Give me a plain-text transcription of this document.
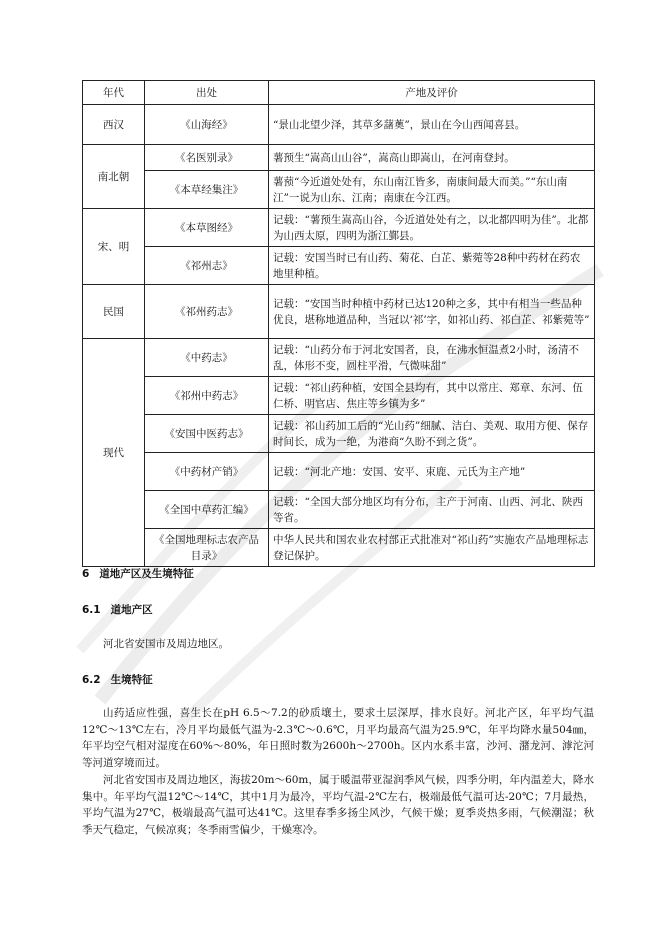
年代	出处	产地及评价
西汉	《山海经》	“景山北望少泽，其草多藷薁”，景山在今山西闻喜县。
南北朝	《名医别录》	薯预生“嵩高山山谷”，嵩高山即嵩山，在河南登封。
	《本草经集注》	薯蓣“今近道处处有，东山南江皆多，南康间最大而美。”“东山南江”一说为山东、江南；南康在今江西。
宋、明	《本草图经》	记载：“薯预生嵩高山谷，今近道处处有之，以北都四明为佳”。北都为山西太原，四明为浙江鄞县。
	《祁州志》	记载：安国当时已有山药、菊花、白芷、紫菀等28种中药材在药农地里种植。
民国	《祁州药志》	记载：“安国当时种植中药材已达120种之多，其中有相当一些品种优良，堪称地道品种，当冠以‘祁’字，如祁山药、祁白芷、祁紫菀等”
现代	《中药志》	记载：“山药分布于河北安国者，良，在沸水恒温煮2小时，汤清不乱，体形不变，圆柱平滑，气微味甜”
	《祁州中药志》	记载：“祁山药种植，安国全县均有，其中以常庄、郑章、东河、伍仁桥、明官店、焦庄等乡镇为多”
	《安国中医药志》	记载：祁山药加工后的“光山药”细腻、洁白、美观、取用方便、保存时间长，成为一绝，为港商“久盼不到之货”。
	《中药材产销》	记载：“河北产地：安国、安平、束鹿、元氏为主产地”
	《全国中草药汇编》	记载：“全国大部分地区均有分布，主产于河南、山西、河北、陕西等省。
	《全国地理标志农产品目录》	中华人民共和国农业农村部正式批准对“祁山药”实施农产品地理标志登记保护。
6 道地产区及生境特征
6.1 道地产区

河北省安国市及周边地区。

6.2 生境特征

山药适应性强，喜生长在pH 6.5～7.2的砂质壤土，要求土层深厚，排水良好。河北产区，年平均气温12℃～13℃左右，冷月平均最低气温为-2.3℃～0.6℃，月平均最高气温为25.9℃，年平均降水量504㎜，年平均空气相对湿度在60%～80%，年日照时数为2600h～2700h。区内水系丰富，沙河、潴龙河、滹沱河等河道穿境而过。

河北省安国市及周边地区，海拔20m～60m，属于暖温带亚湿润季风气候，四季分明，年内温差大，降水集中。年平均气温12℃～14℃，其中1月为最冷，平均气温-2℃左右，极端最低气温可达-20℃；7月最热，平均气温为27℃，极端最高气温可达41℃。这里春季多扬尘风沙，气候干燥；夏季炎热多雨，气候潮湿；秋季天气稳定，气候凉爽；冬季雨雪偏少，干燥寒冷。
